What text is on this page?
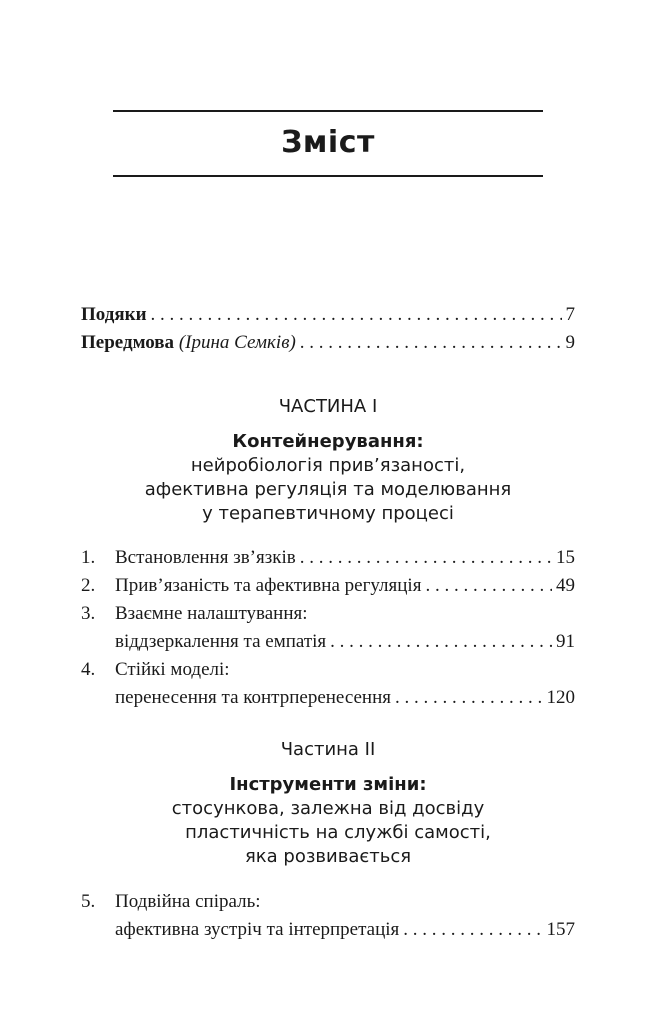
Зміст
Подяки . . .	7
Передмова (Ірина Семків) . . .	9
ЧАСТИНА I
Контейнерування:
нейробіологія прив’язаності,
афективна регуляція та моделювання
у терапевтичному процесі
1.	Встановлення зв’язків . . .	15
2.	Прив’язаність та афективна регуляція . . .	49
3.	Взаємне налаштування:
віддзеркалення та емпатія . . .	91
4.	Стійкі моделі:
перенесення та контрперенесення . . .	120
Частина II
Інструменти зміни:
стосункова, залежна від досвіду
пластичність на службі самості,
яка розвивається
5.	Подвійна спіраль:
афективна зустріч та інтерпретація . . .	157
